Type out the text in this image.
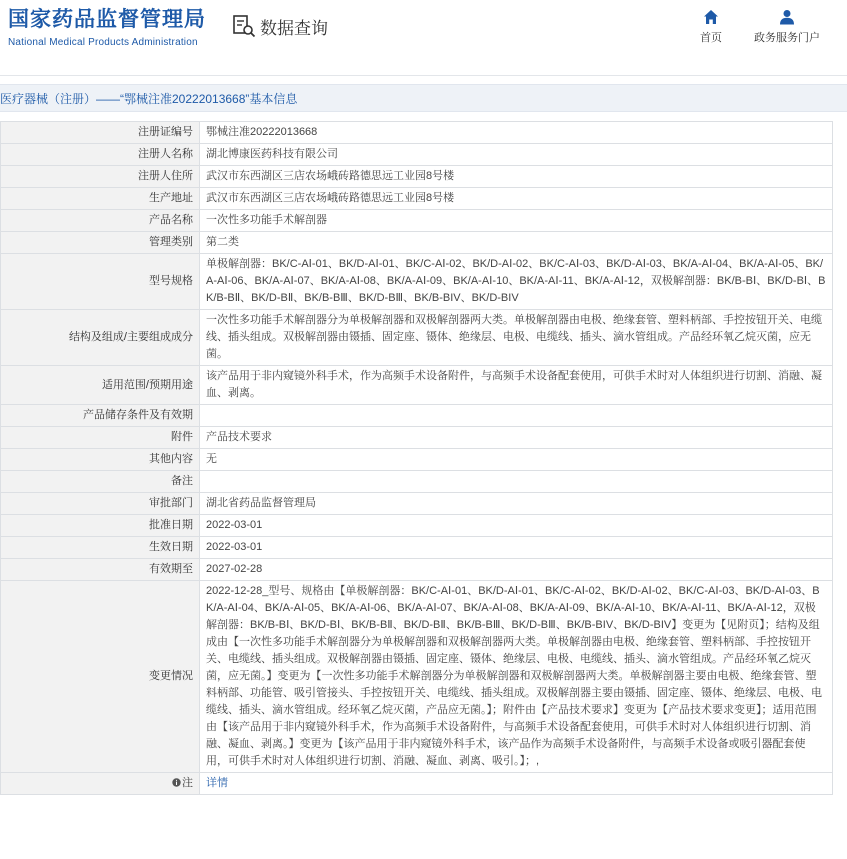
国家药品监督管理局
National Medical Products Administration
数据查询
首页	政务服务门户
医疗器械（注册）——“鄂械注准20222013668”基本信息
注册证编号	鄂械注准20222013668
注册人名称	湖北博康医药科技有限公司
注册人住所	武汉市东西湖区三店农场峨砖路德思远工业园8号楼
生产地址	武汉市东西湖区三店农场峨砖路德思远工业园8号楼
产品名称	一次性多功能手术解剖器
管理类别	第二类
型号规格	单极解剖器：BK/C-AⅠ-01、BK/D-AⅠ-01、BK/C-AⅠ-02、BK/D-AⅠ-02、BK/C-AⅠ-03、BK/D-AⅠ-03、BK/A-AⅠ-04、BK/A-AⅠ-05、BK/A-AⅠ-06、BK/A-AⅠ-07、BK/A-AⅠ-08、BK/A-AⅠ-09、BK/A-AⅠ-10、BK/A-AⅠ-11、BK/A-AⅠ-12，双极解剖器：BK/B-BⅠ、BK/D-BⅠ、BK/B-BⅡ、BK/D-BⅡ、BK/B-BⅢ、BK/D-BⅢ、BK/B-BIV、BK/D-BIV
结构及组成/主要组成成分	一次性多功能手术解剖器分为单极解剖器和双极解剖器两大类。单极解剖器由电极、绝缘套管、塑料柄部、手控按钮开关、电缆线、插头组成。双极解剖器由镊插、固定座、镊体、绝缘层、电极、电缆线、插头、滴水管组成。产品经环氧乙烷灭菌，应无菌。
适用范围/预期用途	该产品用于非内窥镜外科手术，作为高频手术设备附件，与高频手术设备配套使用，可供手术时对人体组织进行切割、消融、凝血、剥离。
产品储存条件及有效期	
附件	产品技术要求
其他内容	无
备注	
审批部门	湖北省药品监督管理局
批准日期	2022-03-01
生效日期	2022-03-01
有效期至	2027-02-28
变更情况	2022-12-28_型号、规格由【单极解剖器：BK/C-AⅠ-01、BK/D-AⅠ-01、BK/C-AⅠ-02、BK/D-AⅠ-02、BK/C-AⅠ-03、BK/D-AⅠ-03、BK/A-AⅠ-04、BK/A-AⅠ-05、BK/A-AⅠ-06、BK/A-AⅠ-07、BK/A-AⅠ-08、BK/A-AⅠ-09、BK/A-AⅠ-10、BK/A-AⅠ-11、BK/A-AⅠ-12，双极解剖器：BK/B-BⅠ、BK/D-BⅠ、BK/B-BⅡ、BK/D-BⅡ、BK/B-BⅢ、BK/D-BⅢ、BK/B-BIV、BK/D-BIV】变更为【见附页】；结构及组成由【一次性多功能手术解剖器分为单极解剖器和双极解剖器两大类。单极解剖器由电极、绝缘套管、塑料柄部、手控按钮开关、电缆线、插头组成。双极解剖器由镊插、固定座、镊体、绝缘层、电极、电缆线、插头、滴水管组成。产品经环氧乙烷灭菌，应无菌。】变更为【一次性多功能手术解剖器分为单极解剖器和双极解剖器两大类。单极解剖器主要由电极、绝缘套管、塑料柄部、功能管、吸引管接头、手控按钮开关、电缆线、插头组成。双极解剖器主要由镊插、固定座、镊体、绝缘层、电极、电缆线、插头、滴水管组成。经环氧乙烷灭菌，产品应无菌。】；附件由【产品技术要求】变更为【产品技术要求变更】；适用范围由【该产品用于非内窥镜外科手术，作为高频手术设备附件，与高频手术设备配套使用，可供手术时对人体组织进行切割、消融、凝血、剥离。】变更为【该产品用于非内窥镜外科手术，该产品作为高频手术设备附件，与高频手术设备或吸引器配套使用，可供手术时对人体组织进行切割、消融、凝血、剥离、吸引。】；,
注	详情
